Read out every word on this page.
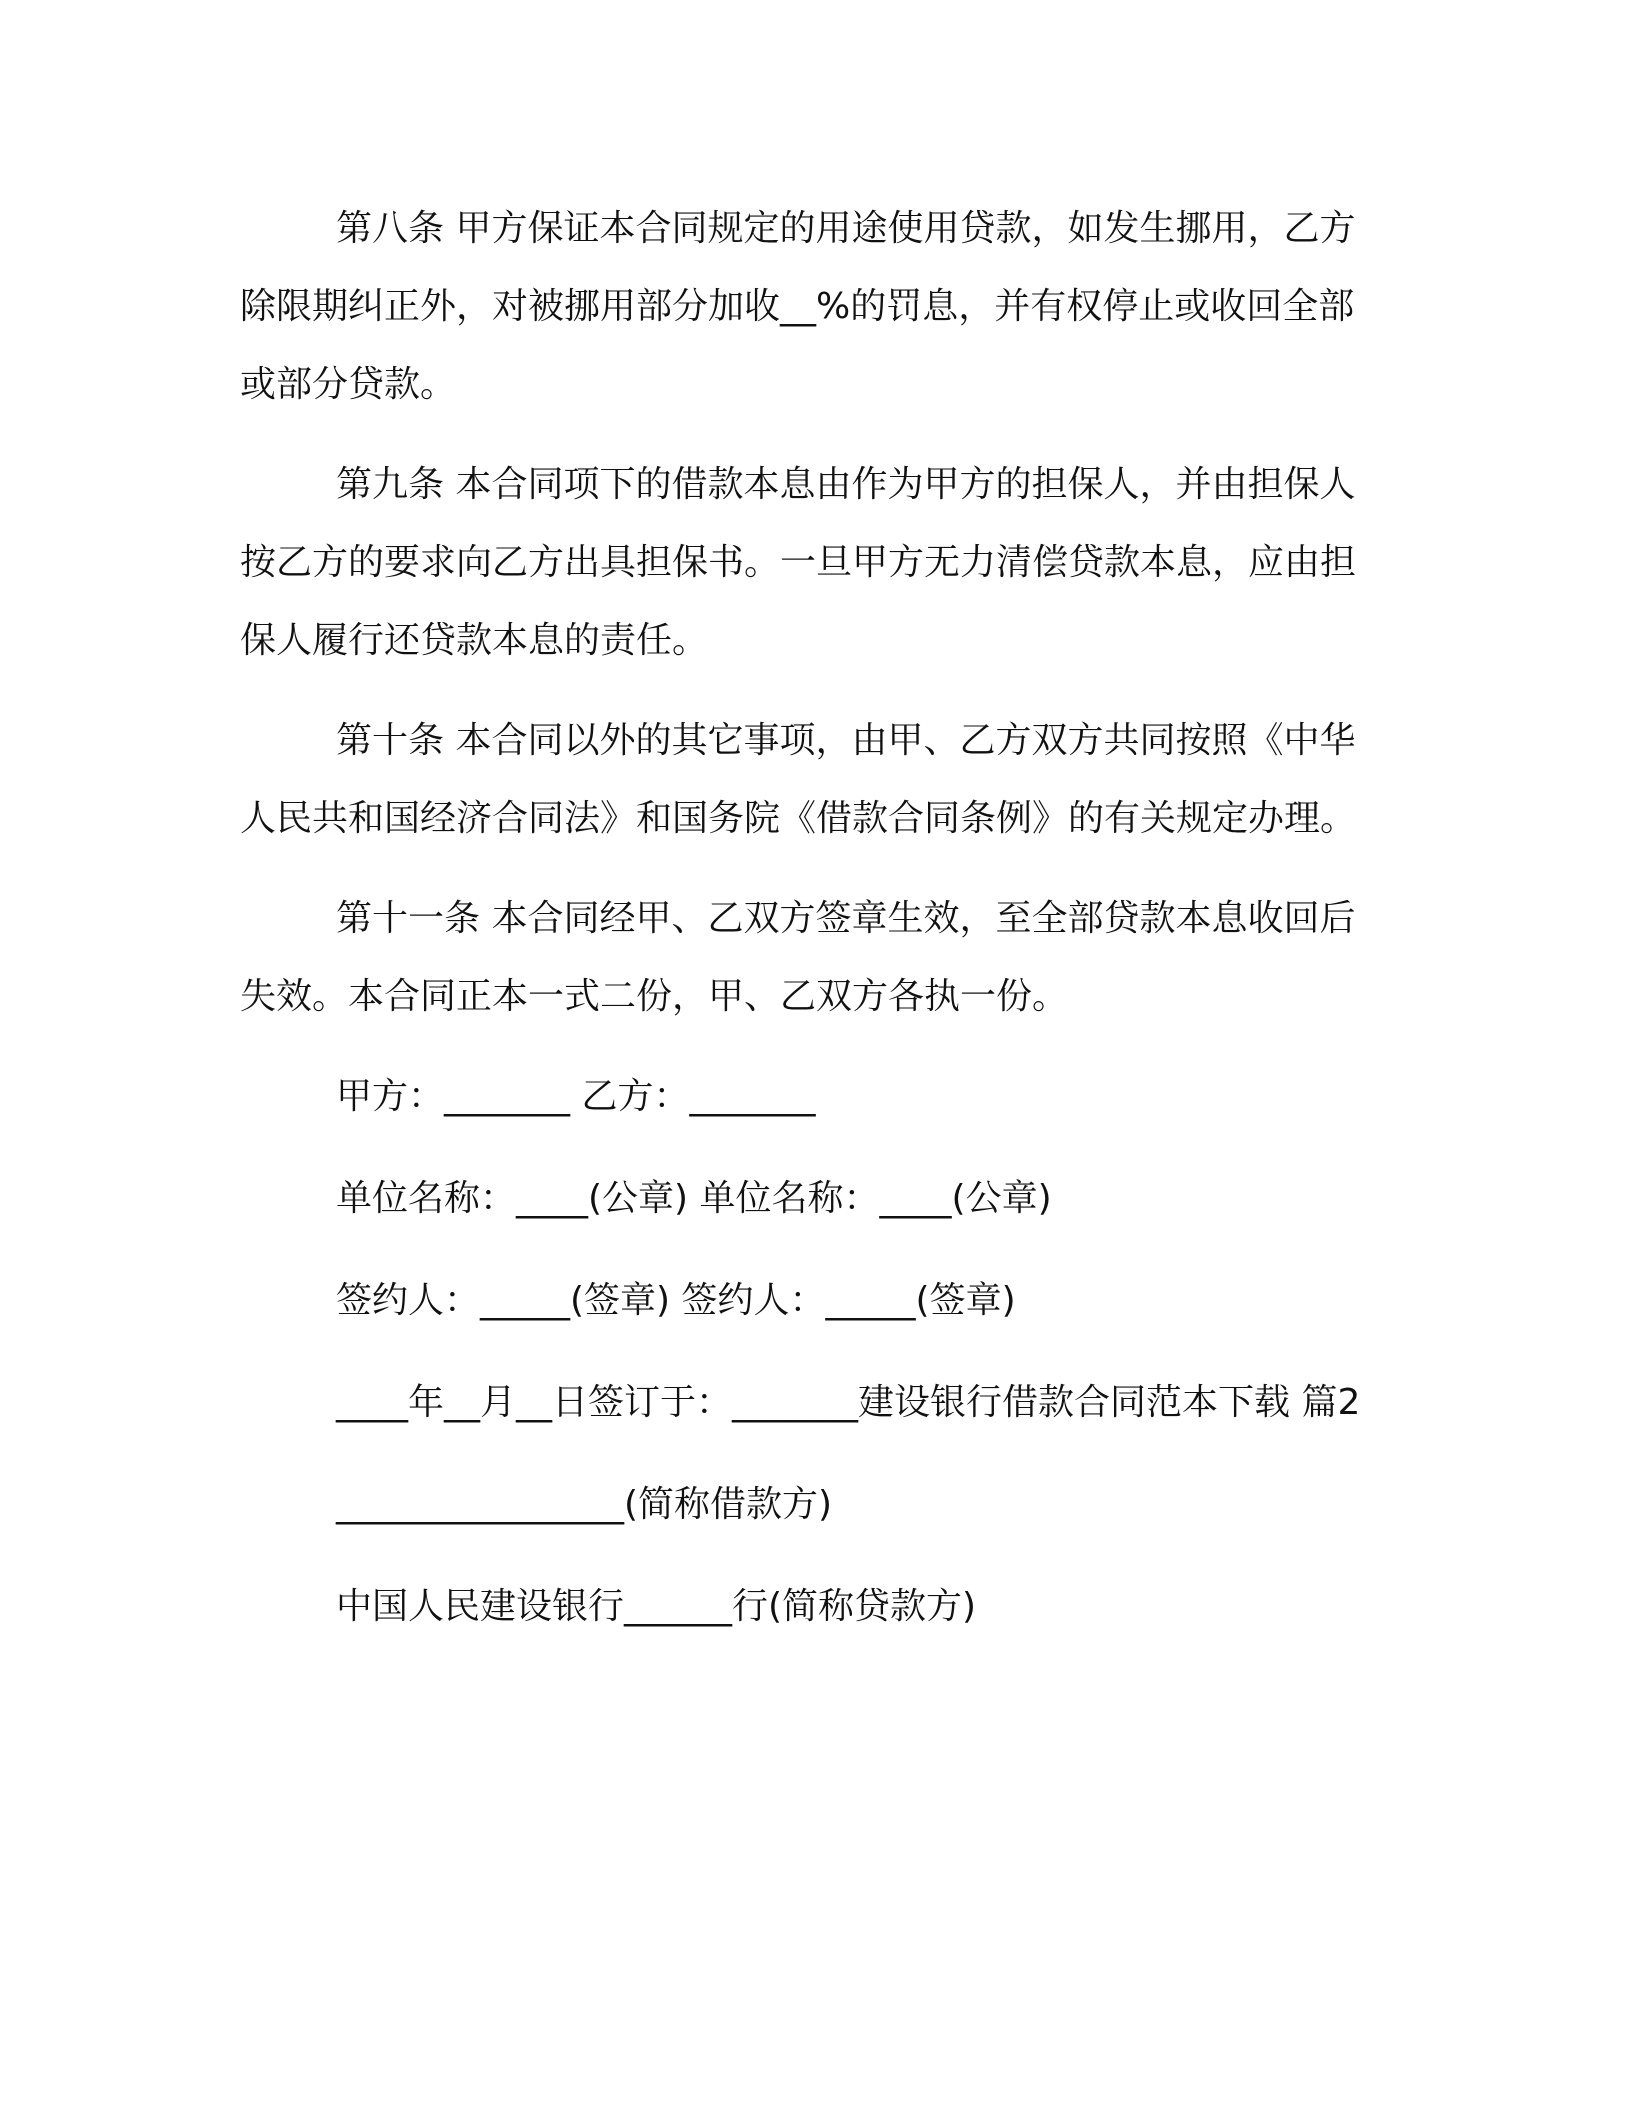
第八条 甲方保证本合同规定的用途使用贷款，如发生挪用，乙方除限期纠正外，对被挪用部分加收__%的罚息，并有权停止或收回全部或部分贷款。

第九条 本合同项下的借款本息由作为甲方的担保人，并由担保人按乙方的要求向乙方出具担保书。一旦甲方无力清偿贷款本息，应由担保人履行还贷款本息的责任。

第十条 本合同以外的其它事项，由甲、乙方双方共同按照《中华人民共和国经济合同法》和国务院《借款合同条例》的有关规定办理。

第十一条 本合同经甲、乙双方签章生效，至全部贷款本息收回后失效。本合同正本一式二份，甲、乙双方各执一份。

甲方：_______ 乙方：_______

单位名称：____(公章) 单位名称：____(公章)

签约人：_____(签章) 签约人：_____(签章)

____年__月__日签订于：_______建设银行借款合同范本下载 篇2

________________(简称借款方)

中国人民建设银行______行(简称贷款方)
